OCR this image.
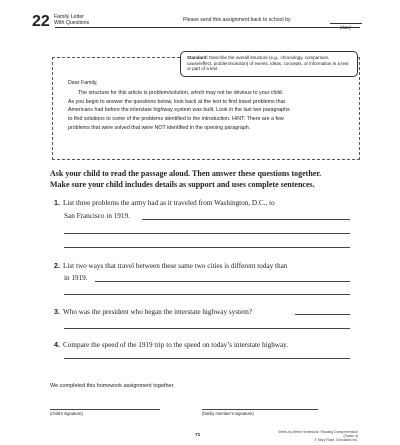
22 Family Letter
With Questions
Please send this assignment back to school by
(date)
Standard: Describe the overall structure (e.g., chronology, comparison, cause/effect, problem/solution) of events, ideas, concepts, or information in a text or part of a text
Dear Family,
The structure for this article is problem/solution, which may not be obvious to your child.
As you begin to answer the questions below, look back at the text to find travel problems that
Americans had before the interstate highway system was built. Look in the last two paragraphs
to find solutions to some of the problems identified in the introduction. HINT: There are a few
problems that were solved that were NOT identified in the opening paragraph.
Ask your child to read the passage aloud. Then answer these questions together.
Make sure your child includes details as support and uses complete sentences.
1. List three problems the army had as it traveled from Washington, D.C., to
San Francisco in 1919.
2. List two ways that travel between these same two cities is different today than
in 1919.
3. Who was the president who began the interstate highway system?
4. Compare the speed of the 1919 trip to the speed on today’s interstate highway.
We completed this homework assignment together.
(child’s signature)	(family member’s signature)
71
Week-by-Week Homework: Reading Comprehension (Grade 4)
© Mary Rose, Scholastic Inc.
